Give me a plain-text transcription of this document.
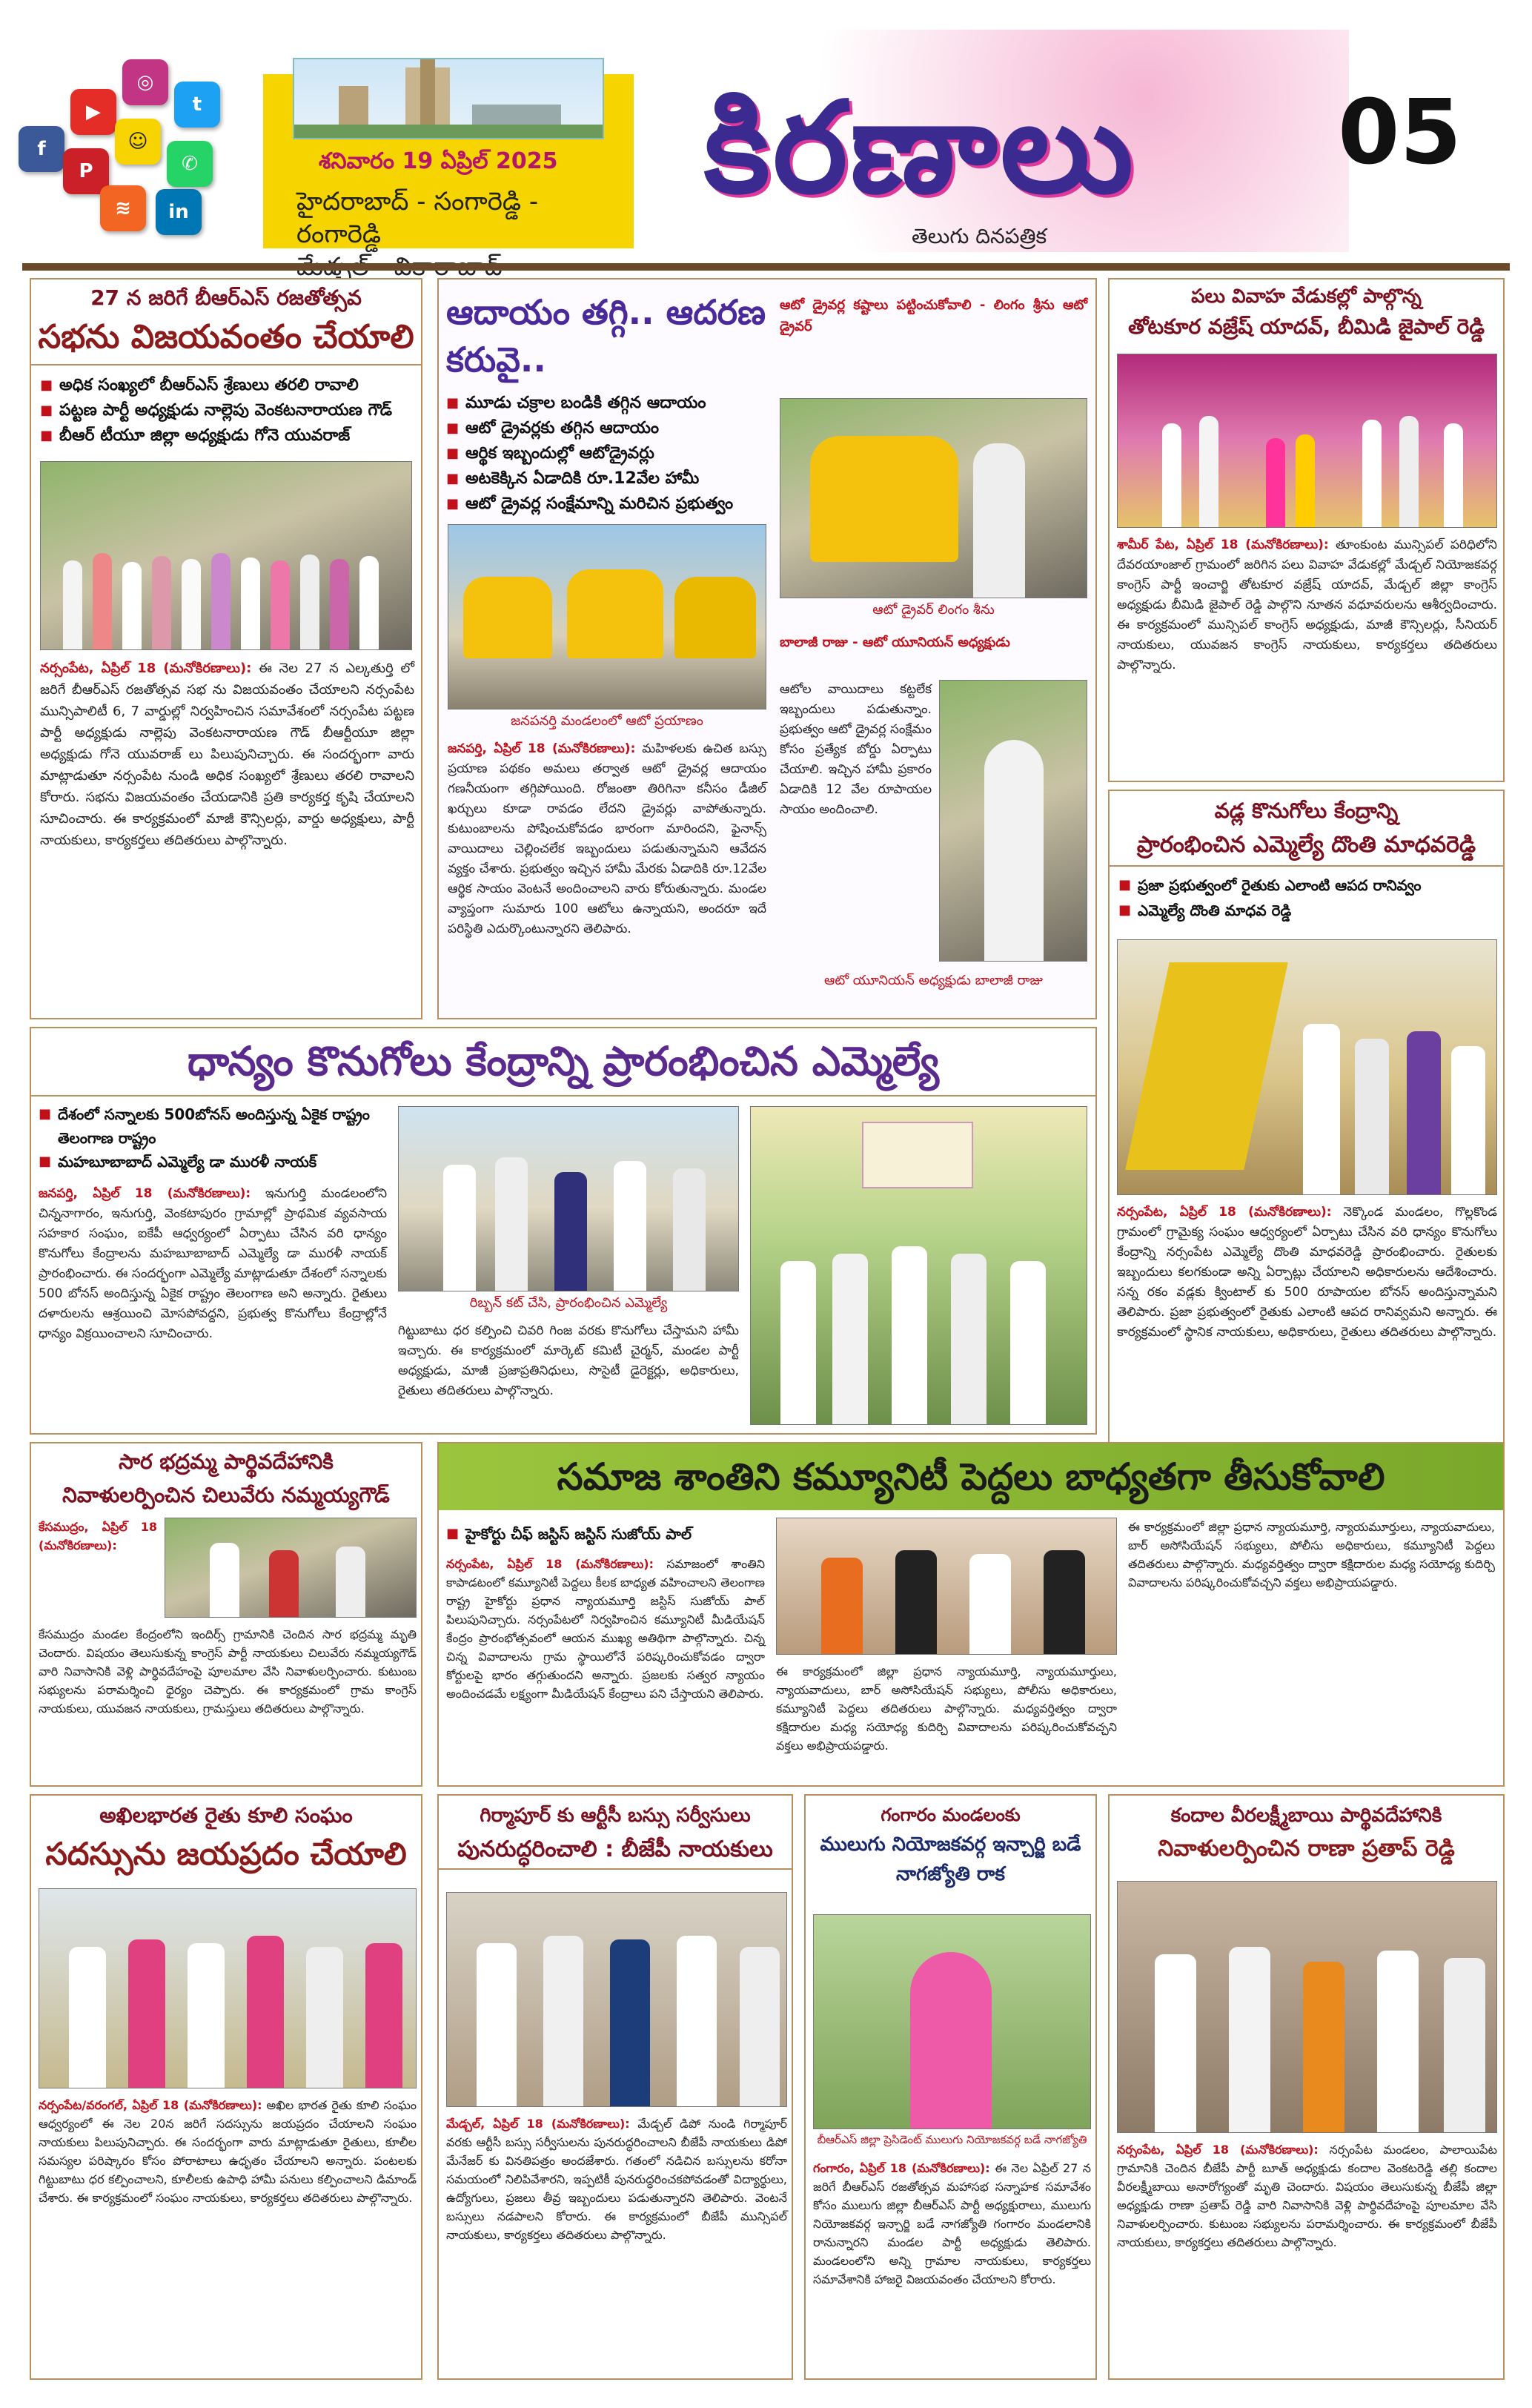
f
▶
◎
t
P
☺
✆
≋	in
శనివారం 19 ఏప్రిల్ 2025
హైదరాబాద్ - సంగారెడ్డి - రంగారెడ్డి
కిరణాలు
తెలుగు దినపత్రిక
05
27 న జరిగే బీఆర్ఎస్ రజతోత్సవ
సభను విజయవంతం చేయాలి
■ అధిక సంఖ్యలో బీఆర్ఎస్ శ్రేణులు తరలి రావాలి
■ పట్టణ పార్టీ అధ్యక్షుడు నాల్లెపు వెంకటనారాయణ గౌడ్
■ బీఆర్ టీయూ జిల్లా అధ్యక్షుడు గోనె యువరాజ్
నర్సంపేట, ఏప్రిల్ 18 (మనోకిరణాలు): ఈ నెల 27 న ఎల్కతుర్తి లో జరిగే బీఆర్ఎస్ రజతోత్సవ సభ ను విజయవంతం చేయాలని నర్సంపేట మున్సిపాలిటీ 6, 7 వార్డుల్లో నిర్వహించిన సమావేశంలో నర్సంపేట పట్టణ పార్టీ అధ్యక్షుడు నాల్లెపు వెంకటనారాయణ గౌడ్ బీఆర్టీయూ జిల్లా అధ్యక్షుడు గోనె యువరాజ్ లు పిలుపునిచ్చారు. ఈ సందర్భంగా వారు మాట్లాడుతూ నర్సంపేట నుండి అధిక సంఖ్యలో శ్రేణులు తరలి రావాలని కోరారు. సభను విజయవంతం చేయడానికి ప్రతి కార్యకర్త కృషి చేయాలని సూచించారు. ఈ కార్యక్రమంలో మాజీ కౌన్సిలర్లు, వార్డు అధ్యక్షులు, పార్టీ నాయకులు, కార్యకర్తలు తదితరులు పాల్గొన్నారు.
ఆదాయం తగ్గి.. ఆదరణ కరువై..
■ మూడు చక్రాల బండికి తగ్గిన ఆదాయం
■ ఆటో డ్రైవర్లకు తగ్గిన ఆదాయం
■ ఆర్థిక ఇబ్బందుల్లో ఆటోడ్రైవర్లు
■ అటకెక్కిన ఏడాదికి రూ.12వేల హామీ
■ ఆటో డ్రైవర్ల సంక్షేమాన్ని మరిచిన ప్రభుత్వం
జనపనర్తి మండలంలో ఆటో ప్రయాణం
జనపర్తి, ఏప్రిల్ 18 (మనోకిరణాలు): మహిళలకు ఉచిత బస్సు ప్రయాణ పథకం అమలు తర్వాత ఆటో డ్రైవర్ల ఆదాయం గణనీయంగా తగ్గిపోయింది. రోజంతా తిరిగినా కనీసం డీజిల్ ఖర్చులు కూడా రావడం లేదని డ్రైవర్లు వాపోతున్నారు. కుటుంబాలను పోషించుకోవడం భారంగా మారిందని, ఫైనాన్స్ వాయిదాలు చెల్లించలేక ఇబ్బందులు పడుతున్నామని ఆవేదన వ్యక్తం చేశారు. ప్రభుత్వం ఇచ్చిన హామీ మేరకు ఏడాదికి రూ.12వేల ఆర్థిక సాయం వెంటనే అందించాలని వారు కోరుతున్నారు. మండల వ్యాప్తంగా సుమారు 100 ఆటోలు ఉన్నాయని, అందరూ ఇదే పరిస్థితి ఎదుర్కొంటున్నారని తెలిపారు.
ఆటో డ్రైవర్ల కష్టాలు పట్టించుకోవాలి - లింగం శ్రీను ఆటో డ్రైవర్
ఆటో డ్రైవర్ లింగం శీను
బాలాజీ రాజు - ఆటో యూనియన్ అధ్యక్షుడు
ఆటోల వాయిదాలు కట్టలేక ఇబ్బందులు పడుతున్నాం. ప్రభుత్వం ఆటో డ్రైవర్ల సంక్షేమం కోసం ప్రత్యేక బోర్డు ఏర్పాటు చేయాలి. ఇచ్చిన హామీ ప్రకారం ఏడాదికి 12 వేల రూపాయల సాయం అందించాలి.
ఆటో యూనియన్ అధ్యక్షుడు బాలాజీ రాజు
పలు వివాహ వేడుకల్లో పాల్గొన్న
తోటకూర వజ్రేష్ యాదవ్, బీమిడి జైపాల్ రెడ్డి
శామీర్ పేట, ఏప్రిల్ 18 (మనోకిరణాలు): తూంకుంట మున్సిపల్ పరిధిలోని దేవరయాంజాల్ గ్రామంలో జరిగిన పలు వివాహ వేడుకల్లో మేడ్చల్ నియోజకవర్గ కాంగ్రెస్ పార్టీ ఇంచార్జి తోటకూర వజ్రేష్ యాదవ్, మేడ్చల్ జిల్లా కాంగ్రెస్ అధ్యక్షుడు బీమిడి జైపాల్ రెడ్డి పాల్గొని నూతన వధూవరులను ఆశీర్వదించారు. ఈ కార్యక్రమంలో మున్సిపల్ కాంగ్రెస్ అధ్యక్షుడు, మాజీ కౌన్సిలర్లు, సీనియర్ నాయకులు, యువజన కాంగ్రెస్ నాయకులు, కార్యకర్తలు తదితరులు పాల్గొన్నారు.
వడ్ల కొనుగోలు కేంద్రాన్ని
ప్రారంభించిన ఎమ్మెల్యే దొంతి మాధవరెడ్డి
■ ప్రజా ప్రభుత్వంలో రైతుకు ఎలాంటి ఆపద రానివ్వం
■ ఎమ్మెల్యే దొంతి మాధవ రెడ్డి
నర్సంపేట, ఏప్రిల్ 18 (మనోకిరణాలు): నెక్కొండ మండలం, గొల్లకొండ గ్రామంలో గ్రామైక్య సంఘం ఆధ్వర్యంలో ఏర్పాటు చేసిన వరి ధాన్యం కొనుగోలు కేంద్రాన్ని నర్సంపేట ఎమ్మెల్యే దొంతి మాధవరెడ్డి ప్రారంభించారు. రైతులకు ఇబ్బందులు కలగకుండా అన్ని ఏర్పాట్లు చేయాలని అధికారులను ఆదేశించారు. సన్న రకం వడ్లకు క్వింటాల్ కు 500 రూపాయల బోనస్ అందిస్తున్నామని తెలిపారు. ప్రజా ప్రభుత్వంలో రైతుకు ఎలాంటి ఆపద రానివ్వమని అన్నారు. ఈ కార్యక్రమంలో స్థానిక నాయకులు, అధికారులు, రైతులు తదితరులు పాల్గొన్నారు.
ధాన్యం కొనుగోలు కేంద్రాన్ని ప్రారంభించిన ఎమ్మెల్యే
■ దేశంలో సన్నాలకు 500బోనస్ అందిస్తున్న ఏకైక రాష్ట్రం తెలంగాణ రాష్ట్రం
■ మహబూబాబాద్ ఎమ్మెల్యే డా మురళీ నాయక్
జనపర్తి, ఏప్రిల్ 18 (మనోకిరణాలు): ఇనుగుర్తి మండలంలోని చిన్ననాగారం, ఇనుగుర్తి, వెంకటాపురం గ్రామాల్లో ప్రాథమిక వ్యవసాయ సహకార సంఘం, ఐకేపీ ఆధ్వర్యంలో ఏర్పాటు చేసిన వరి ధాన్యం కొనుగోలు కేంద్రాలను మహబూబాబాద్ ఎమ్మెల్యే డా మురళీ నాయక్ ప్రారంభించారు. ఈ సందర్భంగా ఎమ్మెల్యే మాట్లాడుతూ దేశంలో సన్నాలకు 500 బోనస్ అందిస్తున్న ఏకైక రాష్ట్రం తెలంగాణ అని అన్నారు. రైతులు దళారులను ఆశ్రయించి మోసపోవద్దని, ప్రభుత్వ కొనుగోలు కేంద్రాల్లోనే ధాన్యం విక్రయించాలని సూచించారు.
రిబ్బన్ కట్ చేసి, ప్రారంభించిన ఎమ్మెల్యే
గిట్టుబాటు ధర కల్పించి చివరి గింజ వరకు కొనుగోలు చేస్తామని హామీ ఇచ్చారు. ఈ కార్యక్రమంలో మార్కెట్ కమిటీ చైర్మన్, మండల పార్టీ అధ్యక్షుడు, మాజీ ప్రజాప్రతినిధులు, సొసైటీ డైరెక్టర్లు, అధికారులు, రైతులు తదితరులు పాల్గొన్నారు.
సార భద్రమ్మ పార్థివదేహానికి
నివాళులర్పించిన చిలువేరు నమ్మయ్యగౌడ్
కేసముద్రం, ఏప్రిల్ 18 (మనోకిరణాలు):
కేసముద్రం మండల కేంద్రంలోని ఇందిర్స్ గ్రామానికి చెందిన సార భద్రమ్మ మృతి చెందారు. విషయం తెలుసుకున్న కాంగ్రెస్ పార్టీ నాయకులు చిలువేరు నమ్మయ్యగౌడ్ వారి నివాసానికి వెళ్లి పార్థివదేహంపై పూలమాల వేసి నివాళులర్పించారు. కుటుంబ సభ్యులను పరామర్శించి ధైర్యం చెప్పారు. ఈ కార్యక్రమంలో గ్రామ కాంగ్రెస్ నాయకులు, యువజన నాయకులు, గ్రామస్తులు తదితరులు పాల్గొన్నారు.
సమాజ శాంతిని కమ్యూనిటీ పెద్దలు బాధ్యతగా తీసుకోవాలి
■ హైకోర్టు చీఫ్ జస్టిస్ జస్టిస్ సుజోయ్ పాల్
నర్సంపేట, ఏప్రిల్ 18 (మనోకిరణాలు): సమాజంలో శాంతిని కాపాడటంలో కమ్యూనిటీ పెద్దలు కీలక బాధ్యత వహించాలని తెలంగాణ రాష్ట్ర హైకోర్టు ప్రధాన న్యాయమూర్తి జస్టిస్ సుజోయ్ పాల్ పిలుపునిచ్చారు. నర్సంపేటలో నిర్వహించిన కమ్యూనిటీ మీడియేషన్ కేంద్రం ప్రారంభోత్సవంలో ఆయన ముఖ్య అతిథిగా పాల్గొన్నారు. చిన్న చిన్న వివాదాలను గ్రామ స్థాయిలోనే పరిష్కరించుకోవడం ద్వారా కోర్టులపై భారం తగ్గుతుందని అన్నారు. ప్రజలకు సత్వర న్యాయం అందించడమే లక్ష్యంగా మీడియేషన్ కేంద్రాలు పని చేస్తాయని తెలిపారు.
ఈ కార్యక్రమంలో జిల్లా ప్రధాన న్యాయమూర్తి, న్యాయమూర్తులు, న్యాయవాదులు, బార్ అసోసియేషన్ సభ్యులు, పోలీసు అధికారులు, కమ్యూనిటీ పెద్దలు తదితరులు పాల్గొన్నారు. మధ్యవర్తిత్వం ద్వారా కక్షిదారుల మధ్య సయోధ్య కుదిర్చి వివాదాలను పరిష్కరించుకోవచ్చని వక్తలు అభిప్రాయపడ్డారు.
ఈ కార్యక్రమంలో జిల్లా ప్రధాన న్యాయమూర్తి, న్యాయమూర్తులు, న్యాయవాదులు, బార్ అసోసియేషన్ సభ్యులు, పోలీసు అధికారులు, కమ్యూనిటీ పెద్దలు తదితరులు పాల్గొన్నారు. మధ్యవర్తిత్వం ద్వారా కక్షిదారుల మధ్య సయోధ్య కుదిర్చి వివాదాలను పరిష్కరించుకోవచ్చని వక్తలు అభిప్రాయపడ్డారు.
అఖిలభారత రైతు కూలి సంఘం
సదస్సును జయప్రదం చేయాలి
నర్సంపేట/వరంగల్, ఏప్రిల్ 18 (మనోకిరణాలు): అఖిల భారత రైతు కూలి సంఘం ఆధ్వర్యంలో ఈ నెల 20న జరిగే సదస్సును జయప్రదం చేయాలని సంఘం నాయకులు పిలుపునిచ్చారు. ఈ సందర్భంగా వారు మాట్లాడుతూ రైతులు, కూలీల సమస్యల పరిష్కారం కోసం పోరాటాలు ఉధృతం చేయాలని అన్నారు. పంటలకు గిట్టుబాటు ధర కల్పించాలని, కూలీలకు ఉపాధి హామీ పనులు కల్పించాలని డిమాండ్ చేశారు. ఈ కార్యక్రమంలో సంఘం నాయకులు, కార్యకర్తలు తదితరులు పాల్గొన్నారు.
గిర్మాపూర్ కు ఆర్టీసీ బస్సు సర్వీసులు
పునరుద్ధరించాలి : బీజేపీ నాయకులు
మేడ్చల్, ఏప్రిల్ 18 (మనోకిరణాలు): మేడ్చల్ డిపో నుండి గిర్మాపూర్ వరకు ఆర్టీసీ బస్సు సర్వీసులను పునరుద్ధరించాలని బీజేపీ నాయకులు డిపో మేనేజర్ కు వినతిపత్రం అందజేశారు. గతంలో నడిచిన బస్సులను కరోనా సమయంలో నిలిపివేశారని, ఇప్పటికీ పునరుద్ధరించకపోవడంతో విద్యార్థులు, ఉద్యోగులు, ప్రజలు తీవ్ర ఇబ్బందులు పడుతున్నారని తెలిపారు. వెంటనే బస్సులు నడపాలని కోరారు. ఈ కార్యక్రమంలో బీజేపీ మున్సిపల్ నాయకులు, కార్యకర్తలు తదితరులు పాల్గొన్నారు.
గంగారం మండలంకు
ములుగు నియోజకవర్గ ఇన్చార్జి బడే నాగజ్యోతి రాక
బీఆర్ఎస్ జిల్లా ప్రెసిడెంట్ ములుగు నియోజకవర్గ బడే నాగజ్యోతి
గంగారం, ఏప్రిల్ 18 (మనోకిరణాలు): ఈ నెల ఏప్రిల్ 27 న జరిగే బీఆర్ఎస్ రజతోత్సవ మహాసభ సన్నాహక సమావేశం కోసం ములుగు జిల్లా బీఆర్ఎస్ పార్టీ అధ్యక్షురాలు, ములుగు నియోజకవర్గ ఇన్చార్జి బడే నాగజ్యోతి గంగారం మండలానికి రానున్నారని మండల పార్టీ అధ్యక్షుడు తెలిపారు. మండలంలోని అన్ని గ్రామాల నాయకులు, కార్యకర్తలు సమావేశానికి హాజరై విజయవంతం చేయాలని కోరారు.
కందాల వీరలక్ష్మీబాయి పార్థివదేహానికి
నివాళులర్పించిన రాణా ప్రతాప్ రెడ్డి
నర్సంపేట, ఏప్రిల్ 18 (మనోకిరణాలు): నర్సంపేట మండలం, పాలాయిపేట గ్రామానికి చెందిన బీజేపీ పార్టీ బూత్ అధ్యక్షుడు కందాల వెంకటరెడ్డి తల్లి కందాల వీరలక్ష్మీబాయి అనారోగ్యంతో మృతి చెందారు. విషయం తెలుసుకున్న బీజేపీ జిల్లా అధ్యక్షుడు రాణా ప్రతాప్ రెడ్డి వారి నివాసానికి వెళ్లి పార్థివదేహంపై పూలమాల వేసి నివాళులర్పించారు. కుటుంబ సభ్యులను పరామర్శించారు. ఈ కార్యక్రమంలో బీజేపీ నాయకులు, కార్యకర్తలు తదితరులు పాల్గొన్నారు.
